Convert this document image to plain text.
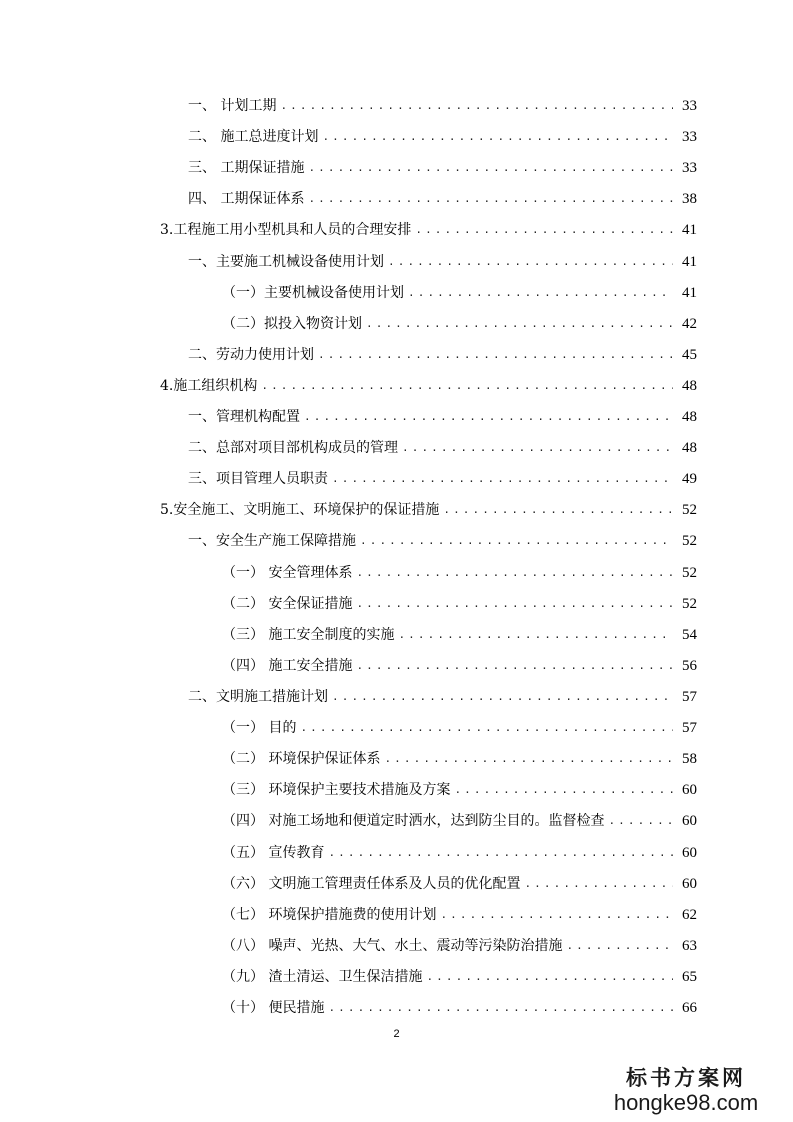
一、 计划工期 .....	33
二、 施工总进度计划 .....	33
三、 工期保证措施 .....	33
四、 工期保证体系 .....	38
3.工程施工用小型机具和人员的合理安排 .....	41
一、主要施工机械设备使用计划 .....	41
（一）主要机械设备使用计划 .....	41
（二）拟投入物资计划 .....	42
二、劳动力使用计划 .....	45
4.施工组织机构 .....	48
一、管理机构配置 .....	48
二、总部对项目部机构成员的管理 .....	48
三、项目管理人员职责 .....	49
5.安全施工、文明施工、环境保护的保证措施 .....	52
一、安全生产施工保障措施 .....	52
（一） 安全管理体系 .....	52
（二） 安全保证措施 .....	52
（三） 施工安全制度的实施 .....	54
（四） 施工安全措施 .....	56
二、文明施工措施计划 .....	57
（一） 目的 .....	57
（二） 环境保护保证体系 .....	58
（三） 环境保护主要技术措施及方案 .....	60
（四） 对施工场地和便道定时洒水，达到防尘目的。监督检查 .....	60
（五） 宣传教育 .....	60
（六） 文明施工管理责任体系及人员的优化配置 .....	60
（七） 环境保护措施费的使用计划 .....	62
（八） 噪声、光热、大气、水土、震动等污染防治措施 .....	63
（九） 渣土清运、卫生保洁措施 .....	65
（十） 便民措施 .....	66
2
标书方案网
hongke98.com
